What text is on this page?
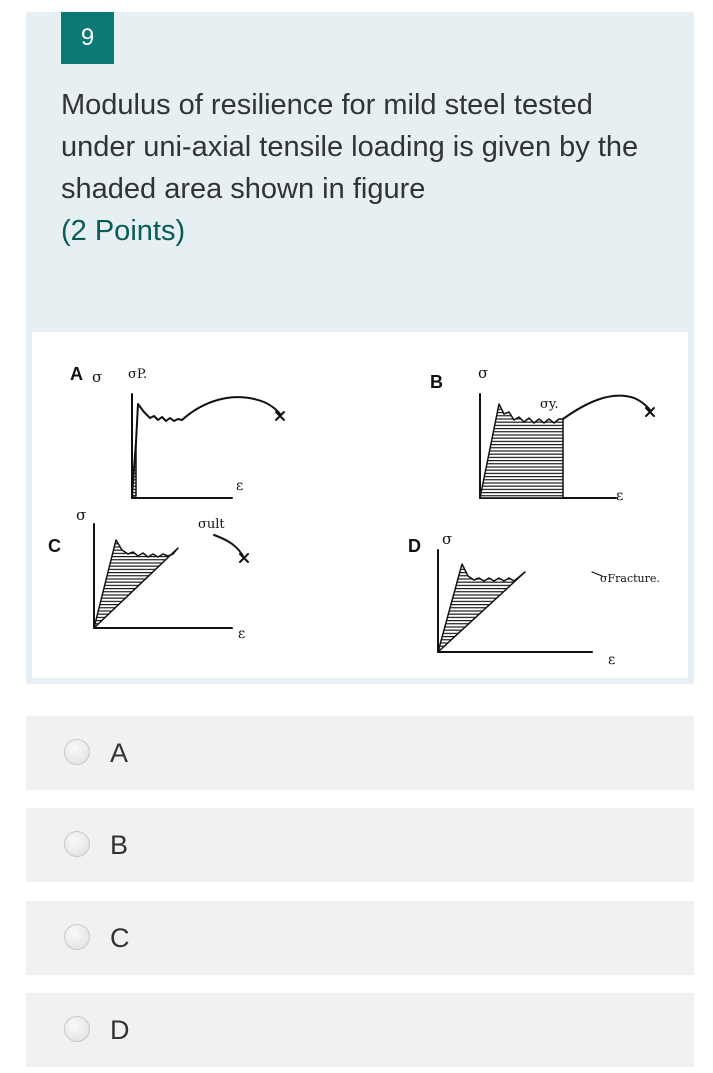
9
Modulus of resilience for mild steel tested under uni-axial tensile loading is given by the shaded area shown in figure
(2 Points)
A σ σP.
ε
B σ
σy.
ε
C
σ
σult
ε
D σ
σFracture.
ε
A
B
C
D
